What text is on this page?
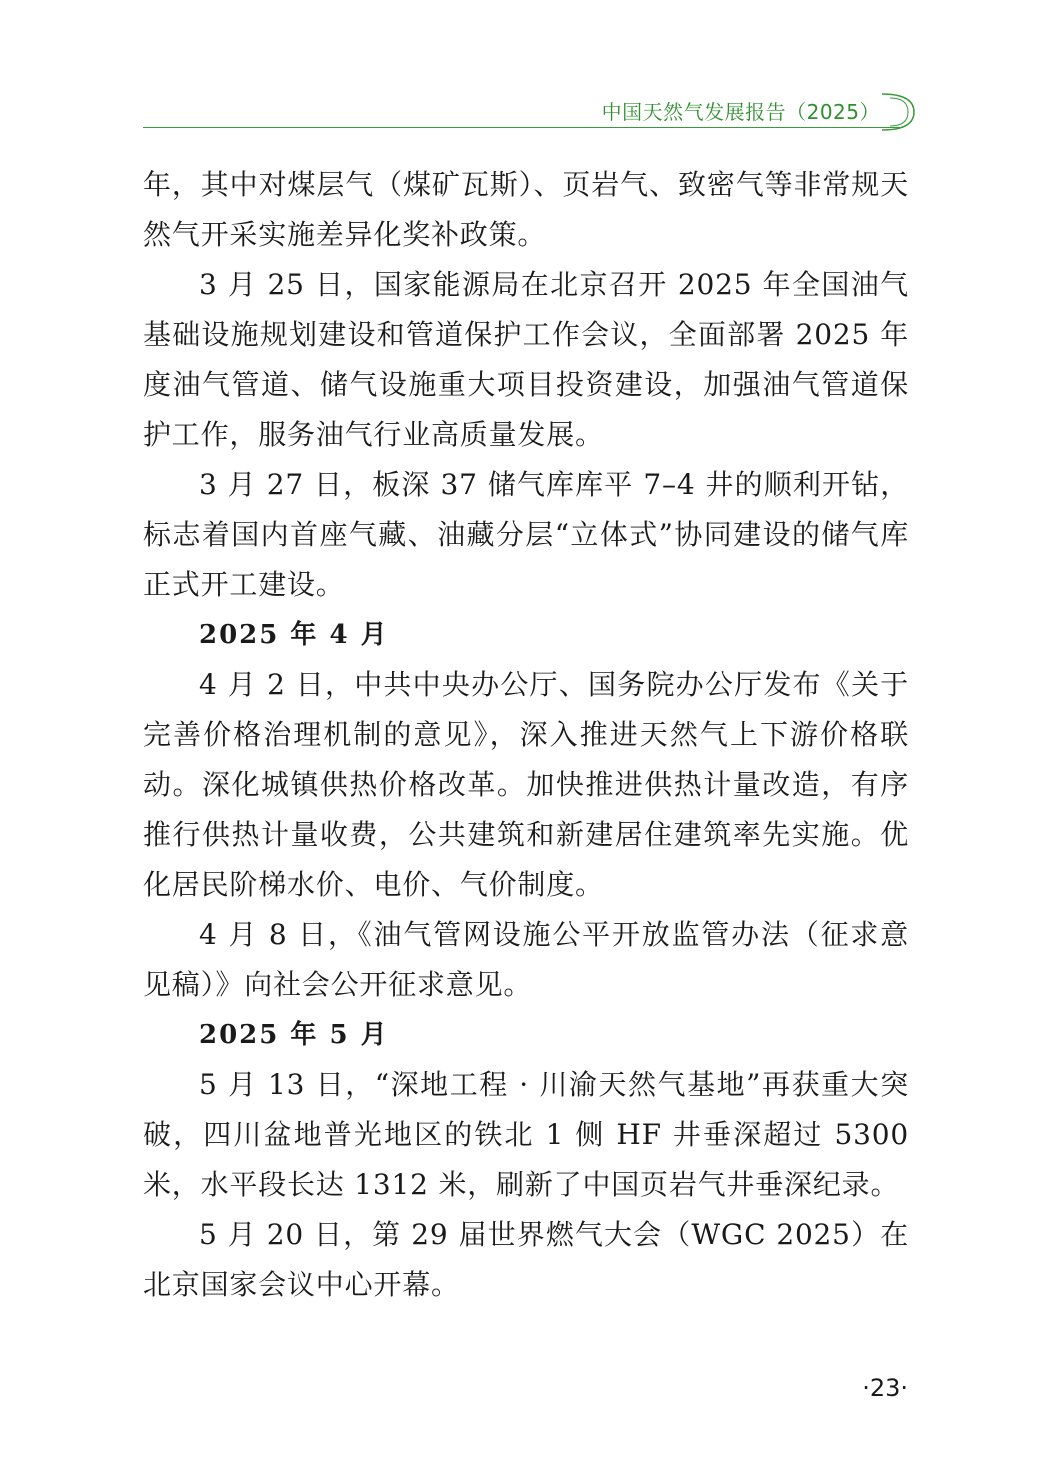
中国天然气发展报告（2025）

年，其中对煤层气（煤矿瓦斯）、页岩气、致密气等非常规天然气开采实施差异化奖补政策。

3 月 25 日，国家能源局在北京召开 2025 年全国油气基础设施规划建设和管道保护工作会议，全面部署 2025 年度油气管道、储气设施重大项目投资建设，加强油气管道保护工作，服务油气行业高质量发展。

3 月 27 日，板深 37 储气库库平 7–4 井的顺利开钻，标志着国内首座气藏、油藏分层“立体式”协同建设的储气库正式开工建设。

2025 年 4 月

4 月 2 日，中共中央办公厅、国务院办公厅发布《关于完善价格治理机制的意见》，深入推进天然气上下游价格联动。深化城镇供热价格改革。加快推进供热计量改造，有序推行供热计量收费，公共建筑和新建居住建筑率先实施。优化居民阶梯水价、电价、气价制度。

4 月 8 日，《油气管网设施公平开放监管办法（征求意见稿）》向社会公开征求意见。

2025 年 5 月

5 月 13 日，“深地工程 · 川渝天然气基地”再获重大突破，四川盆地普光地区的铁北 1 侧 HF 井垂深超过 5300 米，水平段长达 1312 米，刷新了中国页岩气井垂深纪录。

5 月 20 日，第 29 届世界燃气大会（WGC 2025）在北京国家会议中心开幕。

·23·
